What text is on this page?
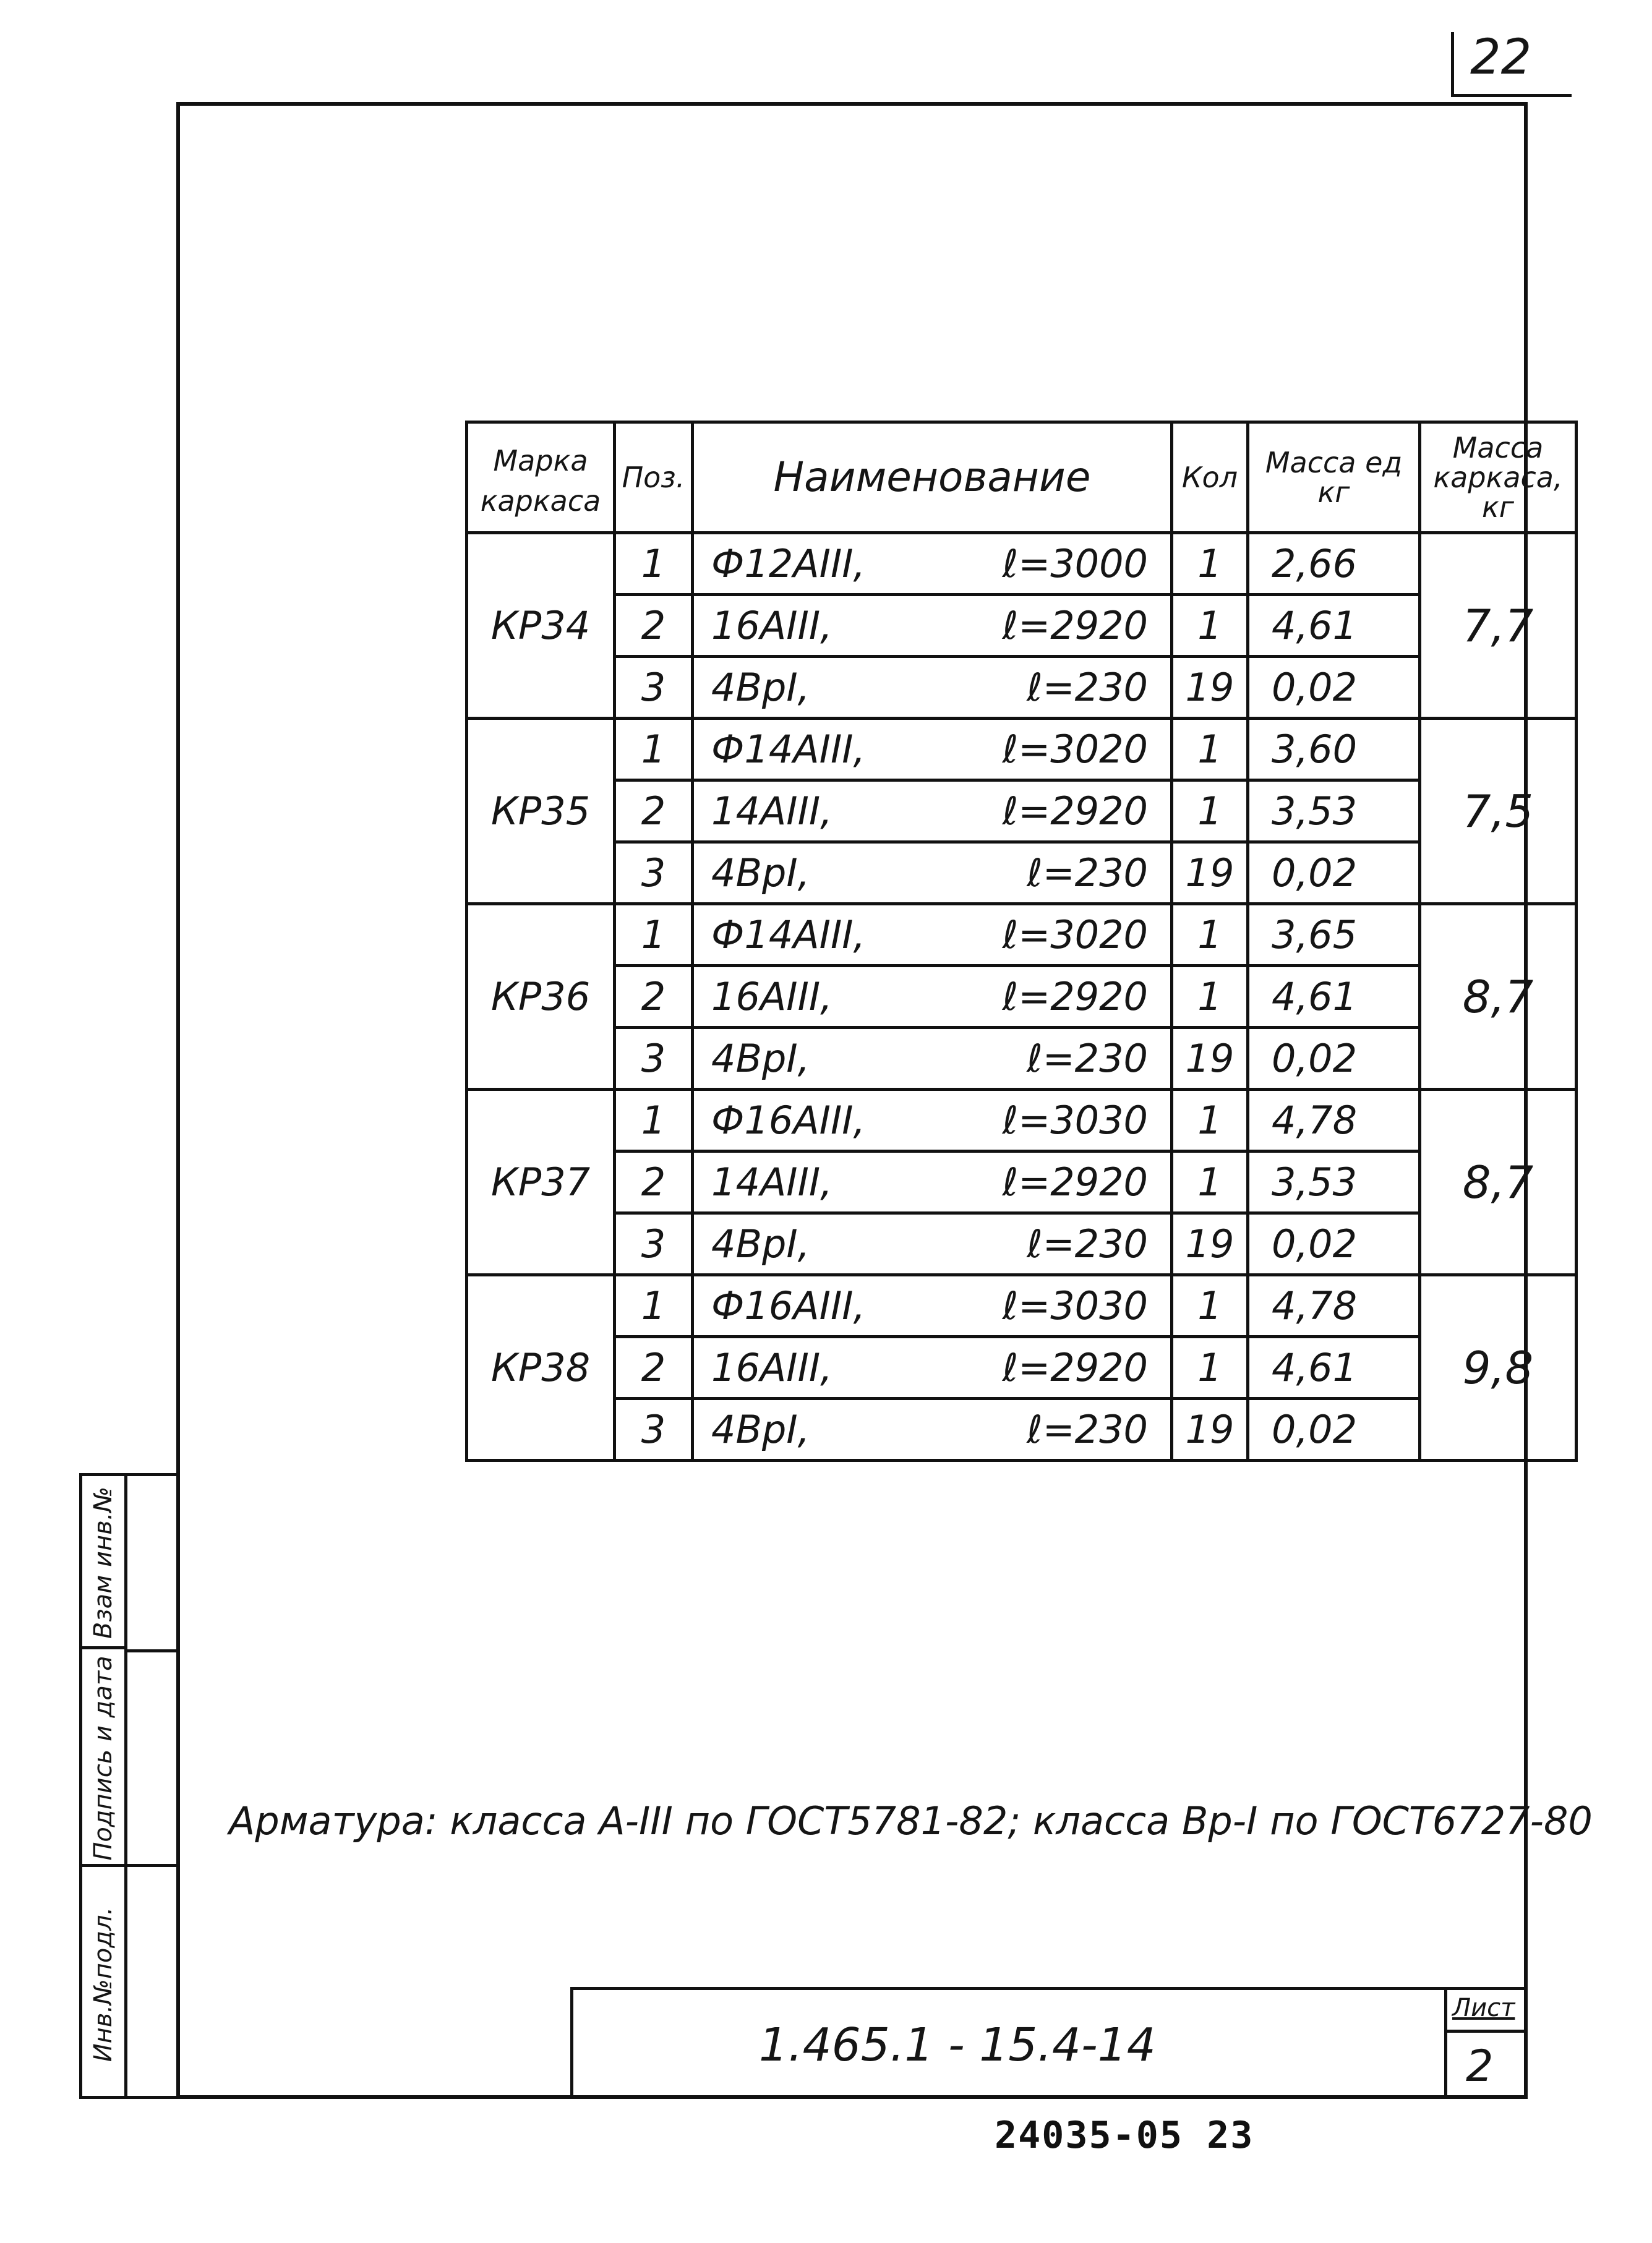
22
Взам инв.№
Подпись и дата
Инв.№подл.
Марка каркаса	Поз.	Наименование	Кол	Масса ед кг	Масса каркаса, кг
КР34	1	Ф12АIII, ℓ=3000	1	2,66	7,7
	2	16АIII, ℓ=2920	1	4,61	
	3	4ВрI, ℓ=230	19	0,02	
КР35	1	Ф14АIII, ℓ=3020	1	3,60	7,5
	2	14АIII, ℓ=2920	1	3,53	
	3	4ВрI, ℓ=230	19	0,02	
КР36	1	Ф14АIII, ℓ=3020	1	3,65	8,7
	2	16АIII, ℓ=2920	1	4,61	
	3	4ВрI, ℓ=230	19	0,02	
КР37	1	Ф16АIII, ℓ=3030	1	4,78	8,7
	2	14АIII, ℓ=2920	1	3,53	
	3	4ВрI, ℓ=230	19	0,02	
КР38	1	Ф16АIII, ℓ=3030	1	4,78	9,8
	2	16АIII, ℓ=2920	1	4,61	
	3	4ВрI, ℓ=230	19	0,02	
Арматура: класса А-III по ГОСТ5781-82; класса Вр-I по ГОСТ6727-80
1.465.1 - 15.4-14
Лист
2
24035-05 23
